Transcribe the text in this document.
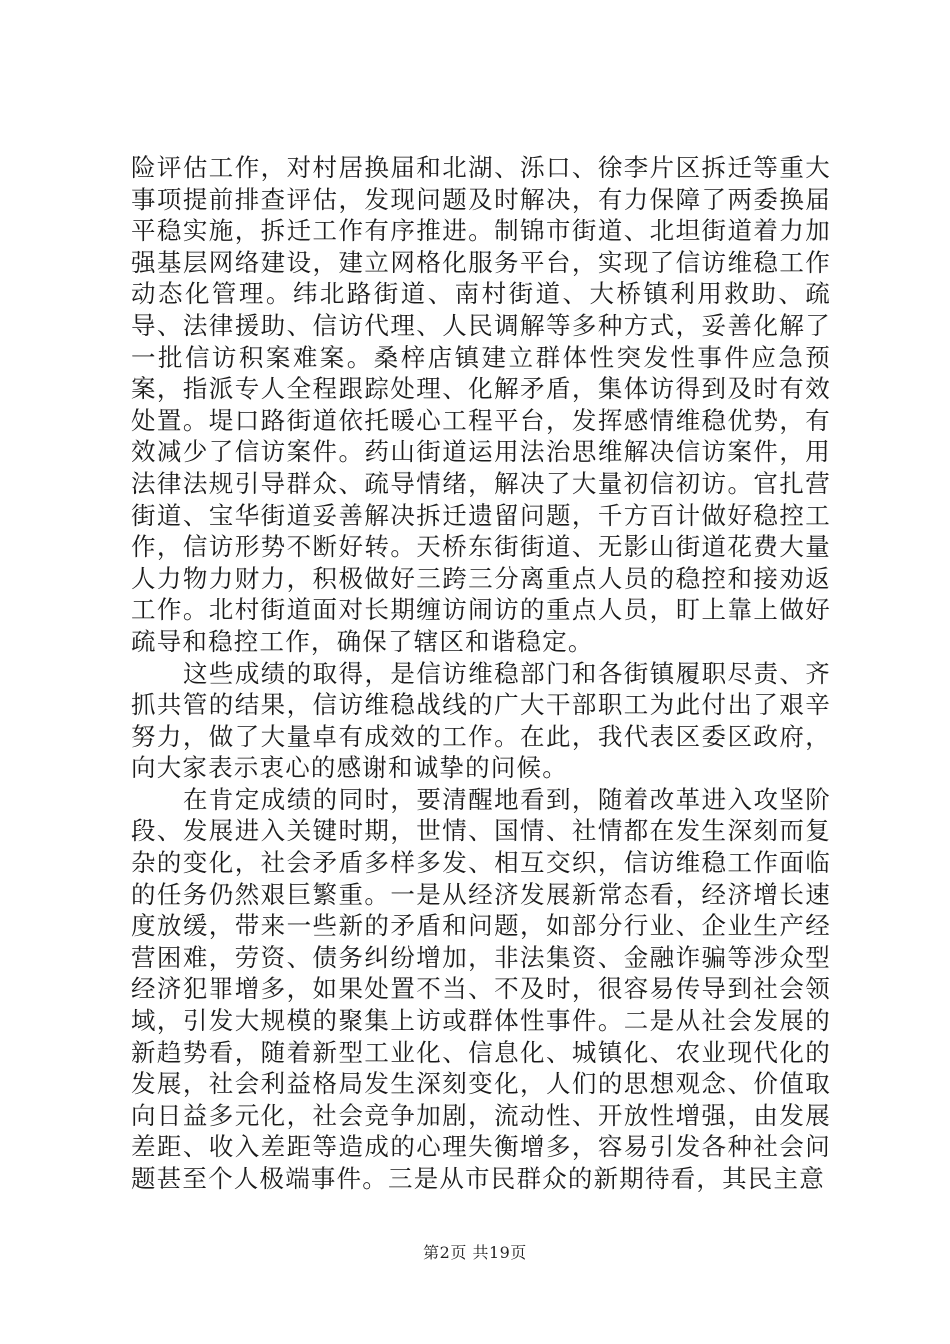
险评估工作，对村居换届和北湖、泺口、徐李片区拆迁等重大事项提前排查评估，发现问题及时解决，有力保障了两委换届平稳实施，拆迁工作有序推进。制锦市街道、北坦街道着力加强基层网络建设，建立网格化服务平台，实现了信访维稳工作动态化管理。纬北路街道、南村街道、大桥镇利用救助、疏导、法律援助、信访代理、人民调解等多种方式，妥善化解了一批信访积案难案。桑梓店镇建立群体性突发性事件应急预案，指派专人全程跟踪处理、化解矛盾，集体访得到及时有效处置。堤口路街道依托暖心工程平台，发挥感情维稳优势，有效减少了信访案件。药山街道运用法治思维解决信访案件，用法律法规引导群众、疏导情绪，解决了大量初信初访。官扎营街道、宝华街道妥善解决拆迁遗留问题，千方百计做好稳控工作，信访形势不断好转。天桥东街街道、无影山街道花费大量人力物力财力，积极做好三跨三分离重点人员的稳控和接劝返工作。北村街道面对长期缠访闹访的重点人员，盯上靠上做好疏导和稳控工作，确保了辖区和谐稳定。

这些成绩的取得，是信访维稳部门和各街镇履职尽责、齐抓共管的结果，信访维稳战线的广大干部职工为此付出了艰辛努力，做了大量卓有成效的工作。在此，我代表区委区政府，向大家表示衷心的感谢和诚挚的问候。

在肯定成绩的同时，要清醒地看到，随着改革进入攻坚阶段、发展进入关键时期，世情、国情、社情都在发生深刻而复杂的变化，社会矛盾多样多发、相互交织，信访维稳工作面临的任务仍然艰巨繁重。一是从经济发展新常态看，经济增长速度放缓，带来一些新的矛盾和问题，如部分行业、企业生产经营困难，劳资、债务纠纷增加，非法集资、金融诈骗等涉众型经济犯罪增多，如果处置不当、不及时，很容易传导到社会领域，引发大规模的聚集上访或群体性事件。二是从社会发展的新趋势看，随着新型工业化、信息化、城镇化、农业现代化的发展，社会利益格局发生深刻变化，人们的思想观念、价值取向日益多元化，社会竞争加剧，流动性、开放性增强，由发展差距、收入差距等造成的心理失衡增多，容易引发各种社会问题甚至个人极端事件。三是从市民群众的新期待看，其民主意

第2页 共19页
